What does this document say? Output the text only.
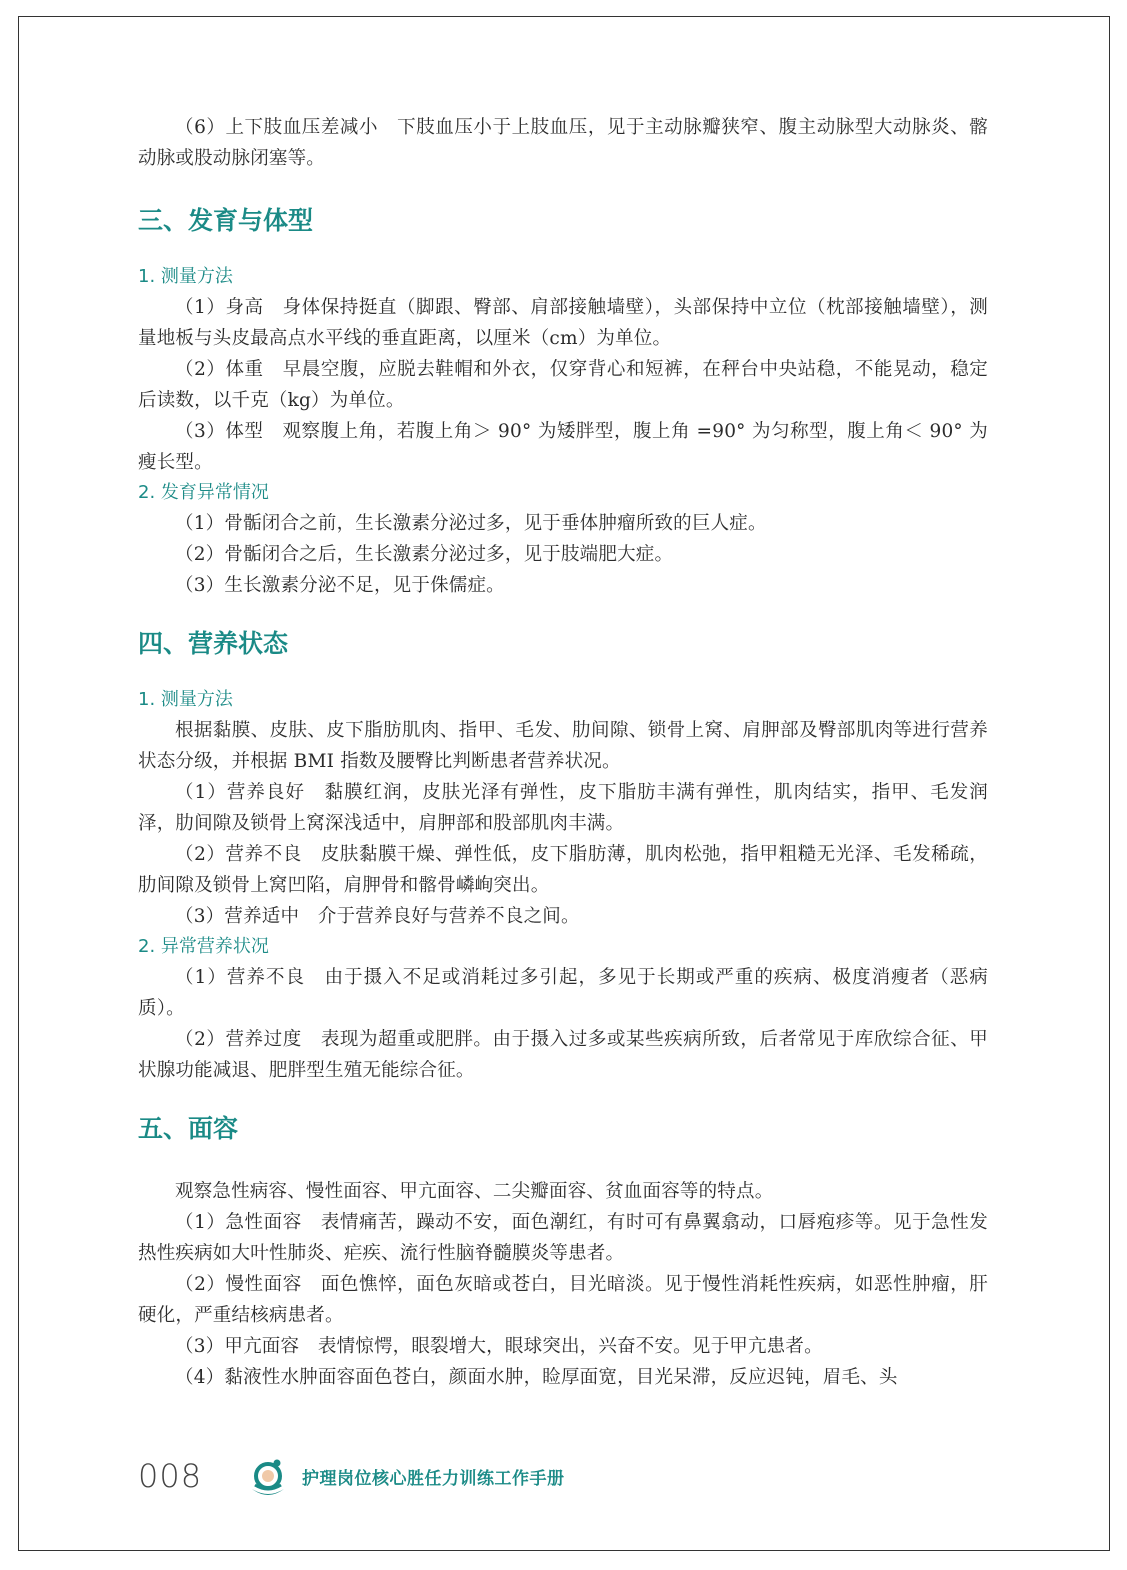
（6）上下肢血压差减小　下肢血压小于上肢血压，见于主动脉瓣狭窄、腹主动脉型大动脉炎、髂动脉或股动脉闭塞等。

三、发育与体型
1. 测量方法

（1）身高　身体保持挺直（脚跟、臀部、肩部接触墙壁），头部保持中立位（枕部接触墙壁），测量地板与头皮最高点水平线的垂直距离，以厘米（cm）为单位。

（2）体重　早晨空腹，应脱去鞋帽和外衣，仅穿背心和短裤，在秤台中央站稳，不能晃动，稳定后读数，以千克（kg）为单位。

（3）体型　观察腹上角，若腹上角＞ 90° 为矮胖型，腹上角 =90° 为匀称型，腹上角＜ 90° 为瘦长型。

2. 发育异常情况

（1）骨骺闭合之前，生长激素分泌过多，见于垂体肿瘤所致的巨人症。

（2）骨骺闭合之后，生长激素分泌过多，见于肢端肥大症。

（3）生长激素分泌不足，见于侏儒症。

四、营养状态
1. 测量方法

根据黏膜、皮肤、皮下脂肪肌肉、指甲、毛发、肋间隙、锁骨上窝、肩胛部及臀部肌肉等进行营养状态分级，并根据 BMI 指数及腰臀比判断患者营养状况。

（1）营养良好　黏膜红润，皮肤光泽有弹性，皮下脂肪丰满有弹性，肌肉结实，指甲、毛发润泽，肋间隙及锁骨上窝深浅适中，肩胛部和股部肌肉丰满。

（2）营养不良　皮肤黏膜干燥、弹性低，皮下脂肪薄，肌肉松弛，指甲粗糙无光泽、毛发稀疏，肋间隙及锁骨上窝凹陷，肩胛骨和髂骨嶙峋突出。

（3）营养适中　介于营养良好与营养不良之间。

2. 异常营养状况

（1）营养不良　由于摄入不足或消耗过多引起，多见于长期或严重的疾病、极度消瘦者（恶病质）。

（2）营养过度　表现为超重或肥胖。由于摄入过多或某些疾病所致，后者常见于库欣综合征、甲状腺功能减退、肥胖型生殖无能综合征。

五、面容

观察急性病容、慢性面容、甲亢面容、二尖瓣面容、贫血面容等的特点。

（1）急性面容　表情痛苦，躁动不安，面色潮红，有时可有鼻翼翕动，口唇疱疹等。见于急性发热性疾病如大叶性肺炎、疟疾、流行性脑脊髓膜炎等患者。

（2）慢性面容　面色憔悴，面色灰暗或苍白，目光暗淡。见于慢性消耗性疾病，如恶性肿瘤，肝硬化，严重结核病患者。

（3）甲亢面容　表情惊愕，眼裂增大，眼球突出，兴奋不安。见于甲亢患者。

（4）黏液性水肿面容面色苍白，颜面水肿，睑厚面宽，目光呆滞，反应迟钝，眉毛、头

008	护理岗位核心胜任力训练工作手册
